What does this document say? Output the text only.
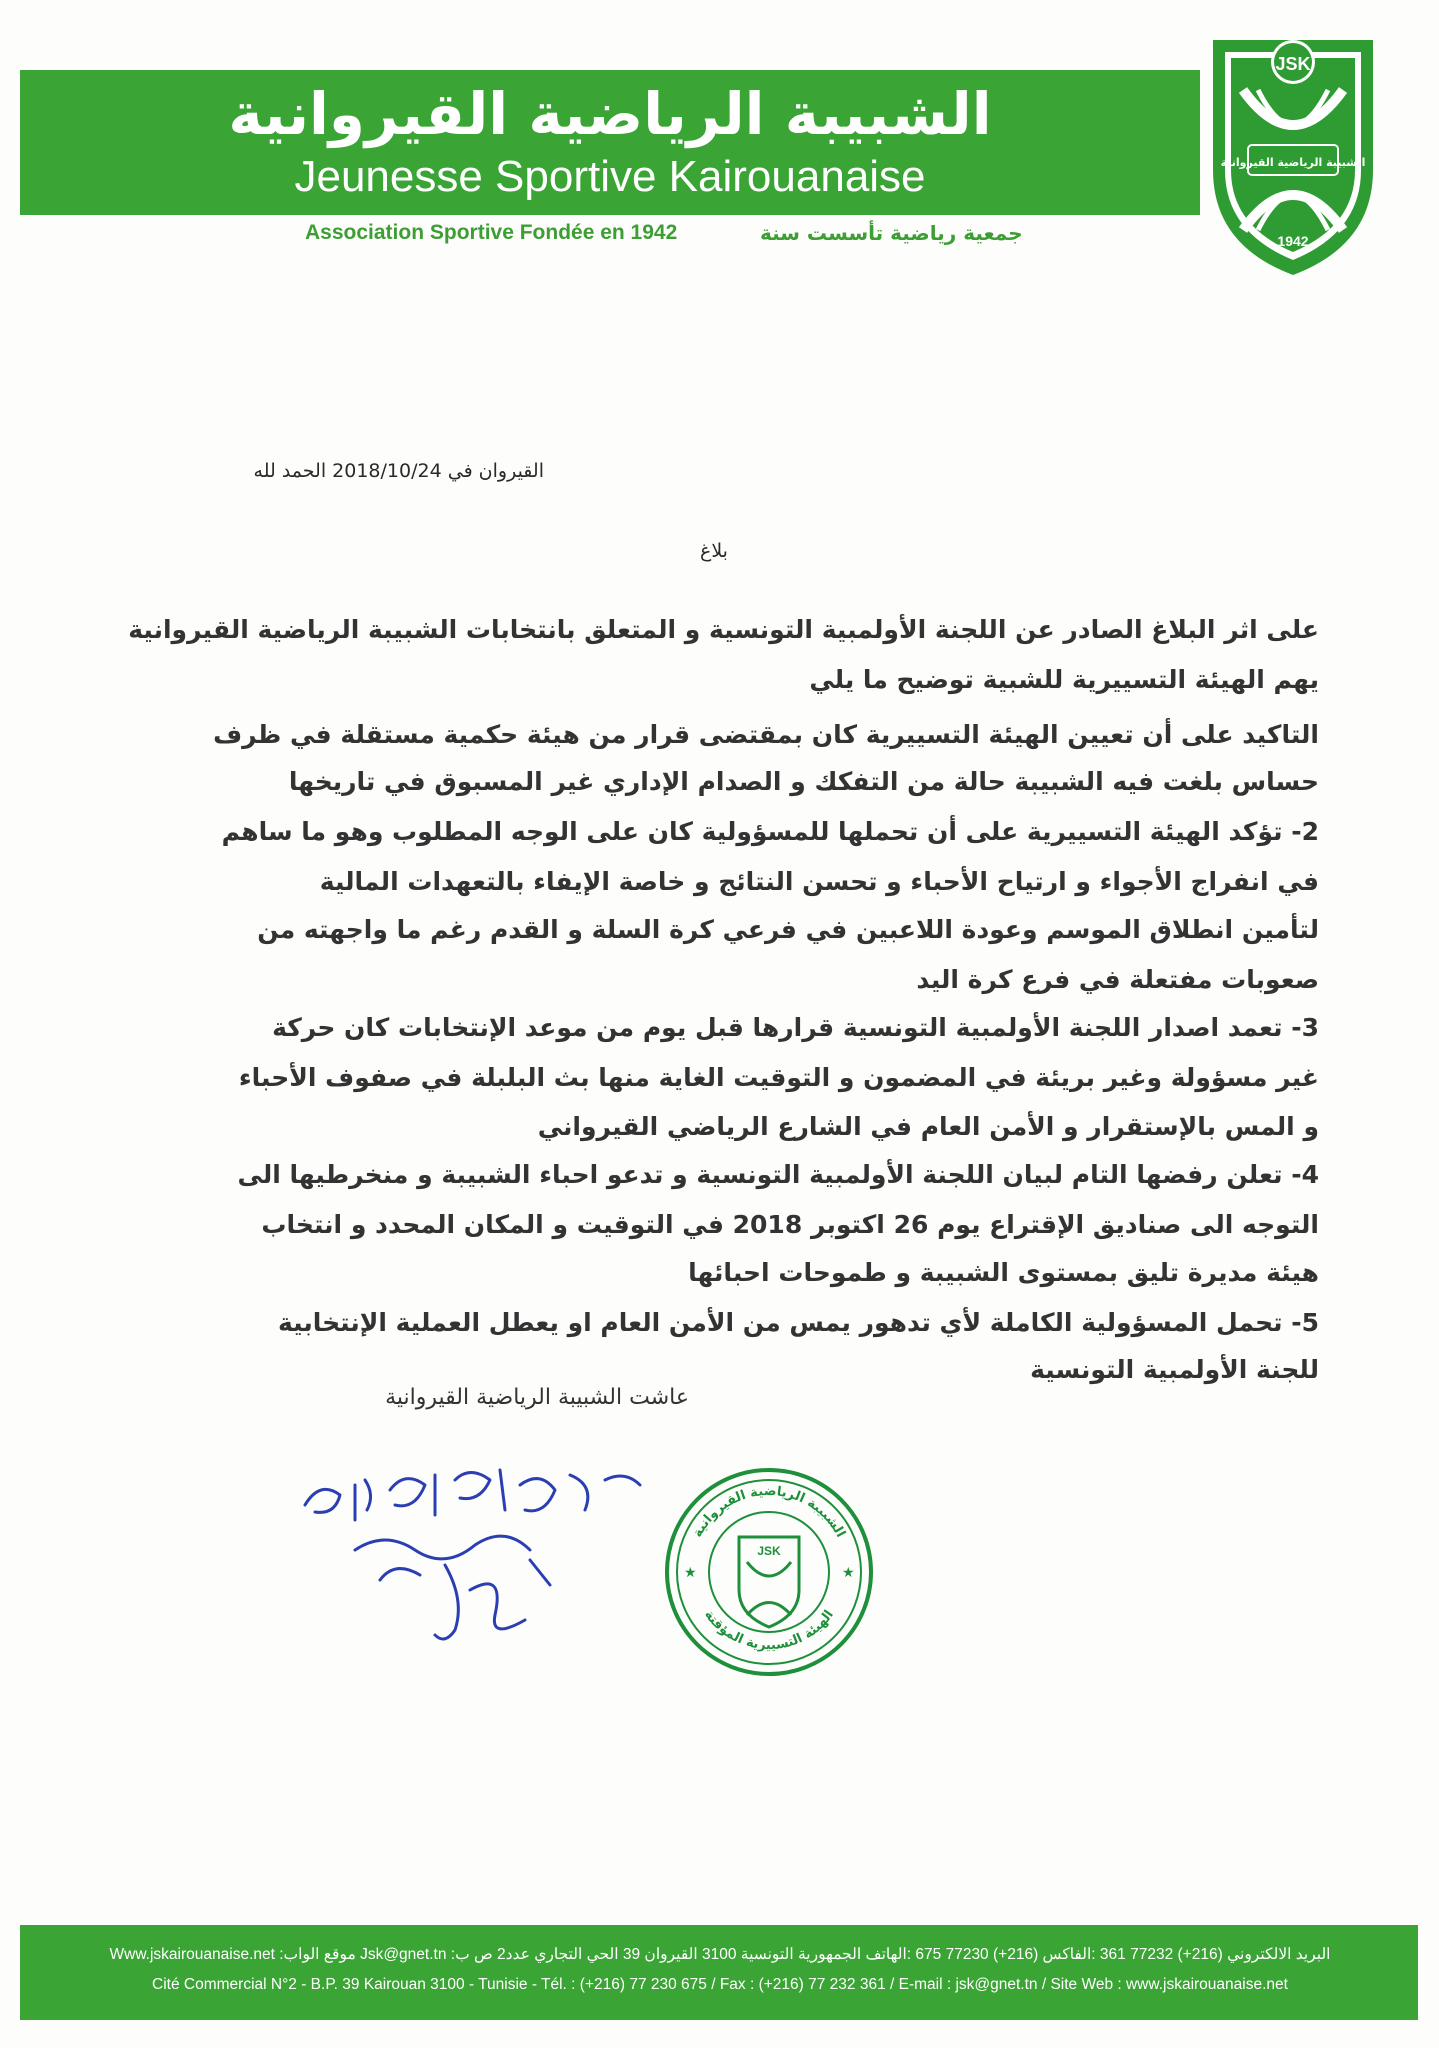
الشبيبة الرياضية القيروانية
Jeunesse Sportive Kairouanaise
Association Sportive Fondée en 1942	جمعية رياضية تأسست سنة
JSK
الشبيبة الرياضية القيروانية
1942
القيروان في 2018/10/24 الحمد لله
بلاغ
على اثر البلاغ الصادر عن اللجنة الأولمبية التونسية و المتعلق بانتخابات الشبيبة الرياضية القيروانية
يهم الهيئة التسييرية للشبية توضيح ما يلي
التاكيد على أن تعيين الهيئة التسييرية كان بمقتضى قرار من هيئة حكمية مستقلة في ظرف
حساس بلغت فيه الشبيبة حالة من التفكك و الصدام الإداري غير المسبوق في تاريخها
2- تؤكد الهيئة التسييرية على أن تحملها للمسؤولية كان على الوجه المطلوب وهو ما ساهم
في انفراج الأجواء و ارتياح الأحباء و تحسن النتائج و خاصة الإيفاء بالتعهدات المالية
لتأمين انطلاق الموسم وعودة اللاعبين في فرعي كرة السلة و القدم رغم ما واجهته من
صعوبات مفتعلة في فرع كرة اليد
3- تعمد اصدار اللجنة الأولمبية التونسية قرارها قبل يوم من موعد الإنتخابات كان حركة
غير مسؤولة وغير بريئة في المضمون و التوقيت الغاية منها بث البلبلة في صفوف الأحباء
و المس بالإستقرار و الأمن العام في الشارع الرياضي القيرواني
4- تعلن رفضها التام لبيان اللجنة الأولمبية التونسية و تدعو احباء الشبيبة و منخرطيها الى
التوجه الى صناديق الإقتراع يوم 26 اكتوبر 2018 في التوقيت و المكان المحدد و انتخاب
هيئة مديرة تليق بمستوى الشبيبة و طموحات احبائها
5- تحمل المسؤولية الكاملة لأي تدهور يمس من الأمن العام او يعطل العملية الإنتخابية
للجنة الأولمبية التونسية
عاشت الشبيبة الرياضية القيروانية
الشبيبة الرياضية القيروانية
الهيئة التسييرية المؤقتة
JSK
★	★
Www.jskairouanaise.net :موقع الواب Jsk@gnet.tn :البريد الالكتروني (216+) 77232 361 :الفاكس (216+) 77230 675 :الهاتف الجمهورية التونسية 3100 القيروان 39 الحي التجاري عدد2 ص ب
Cité Commercial N°2 - B.P. 39 Kairouan 3100 - Tunisie - Tél. : (+216) 77 230 675 / Fax : (+216) 77 232 361 / E-mail : jsk@gnet.tn / Site Web : www.jskairouanaise.net
